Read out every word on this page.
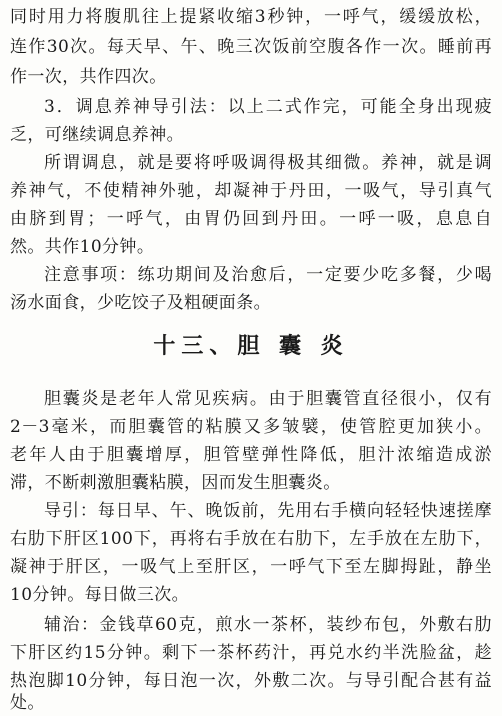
同时用力将腹肌往上提紧收缩3秒钟，一呼气，缓缓放松，
连作30次。每天早、午、晚三次饭前空腹各作一次。睡前再
作一次，共作四次。
3．调息养神导引法：以上二式作完，可能全身出现疲
乏，可继续调息养神。
所谓调息，就是要将呼吸调得极其细微。养神，就是调
养神气，不使精神外驰，却凝神于丹田，一吸气，导引真气
由脐到胃；一呼气，由胃仍回到丹田。一呼一吸，息息自
然。共作10分钟。
注意事项：练功期间及治愈后，一定要少吃多餐，少喝
汤水面食，少吃饺子及粗硬面条。
十三、胆 囊 炎
胆囊炎是老年人常见疾病。由于胆囊管直径很小，仅有
2－3毫米，而胆囊管的粘膜又多皱襞，使管腔更加狭小。
老年人由于胆囊增厚，胆管壁弹性降低，胆汁浓缩造成淤
滞，不断刺激胆囊粘膜，因而发生胆囊炎。
导引：每日早、午、晚饭前，先用右手横向轻轻快速搓摩
右肋下肝区100下，再将右手放在右肋下，左手放在左肋下，
凝神于肝区，一吸气上至肝区，一呼气下至左脚拇趾，静坐
10分钟。每日做三次。
辅治：金钱草60克，煎水一茶杯，装纱布包，外敷右肋
下肝区约15分钟。剩下一茶杯药汁，再兑水约半洗脸盆，趁
热泡脚10分钟，每日泡一次，外敷二次。与导引配合甚有益
处。
